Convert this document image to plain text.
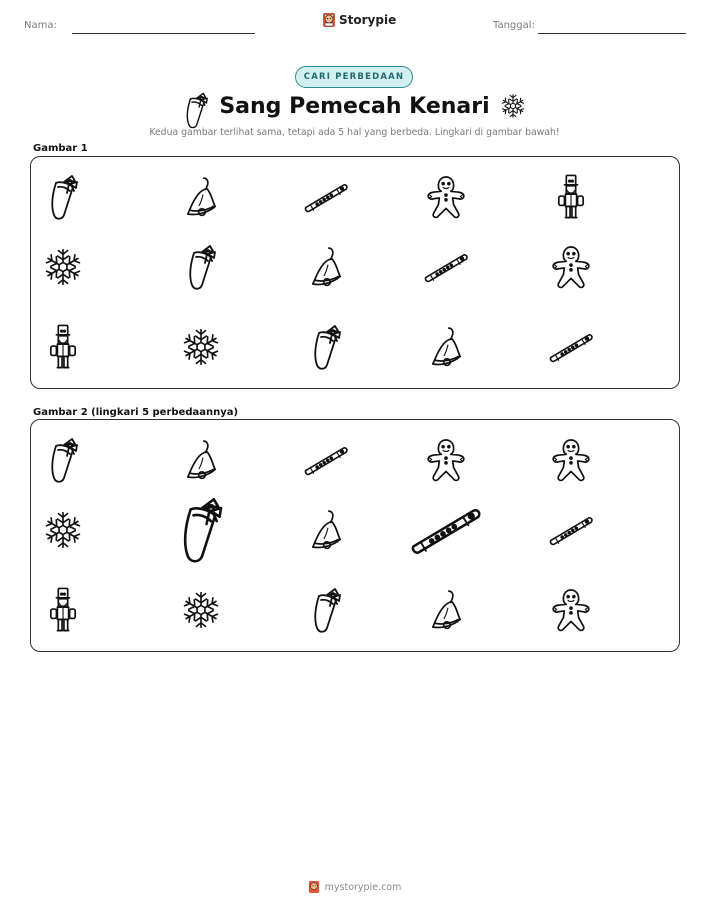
Nama:	Storypie	Tanggal:
CARI PERBEDAAN
Sang Pemecah Kenari
Kedua gambar terlihat sama, tetapi ada 5 hal yang berbeda. Lingkari di gambar bawah!
Gambar 1
Gambar 2 (lingkari 5 perbedaannya)
mystorypie.com
